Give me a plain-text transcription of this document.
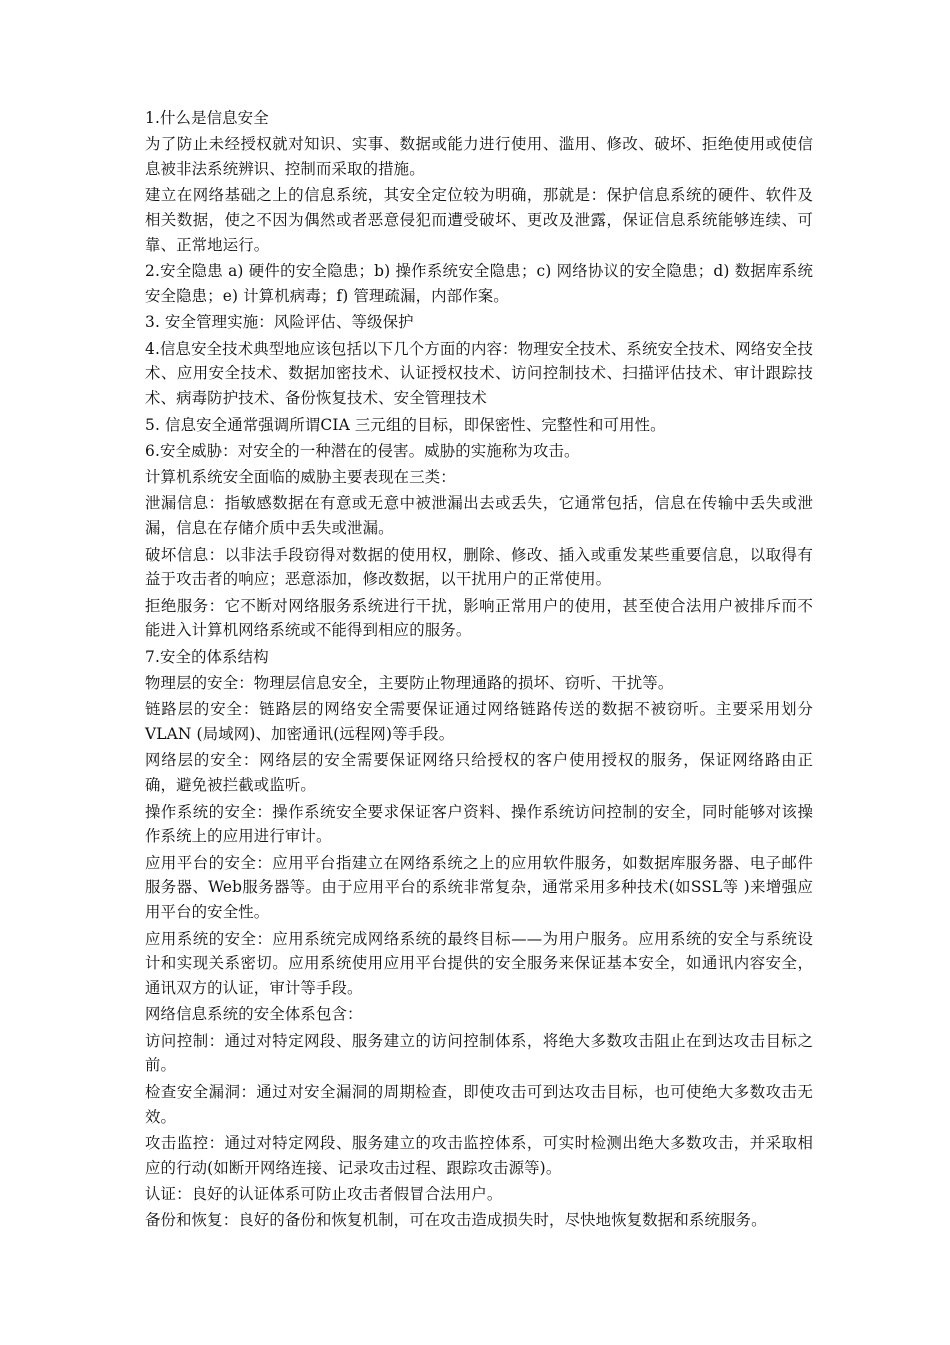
1.什么是信息安全

为了防止未经授权就对知识、实事、数据或能力进行使用、滥用、修改、破坏、拒绝使用或使信息被非法系统辨识、控制而采取的措施。

建立在网络基础之上的信息系统，其安全定位较为明确，那就是：保护信息系统的硬件、软件及相关数据，使之不因为偶然或者恶意侵犯而遭受破坏、更改及泄露，保证信息系统能够连续、可靠、正常地运行。

2.安全隐患 a) 硬件的安全隐患；b) 操作系统安全隐患；c) 网络协议的安全隐患；d) 数据库系统安全隐患；e) 计算机病毒；f) 管理疏漏，内部作案。

3. 安全管理实施：风险评估、等级保护

4.信息安全技术典型地应该包括以下几个方面的内容：物理安全技术、系统安全技术、网络安全技术、应用安全技术、数据加密技术、认证授权技术、访问控制技术、扫描评估技术、审计跟踪技术、病毒防护技术、备份恢复技术、安全管理技术

5. 信息安全通常强调所谓CIA 三元组的目标，即保密性、完整性和可用性。

6.安全威胁：对安全的一种潜在的侵害。威胁的实施称为攻击。

计算机系统安全面临的威胁主要表现在三类：

泄漏信息：指敏感数据在有意或无意中被泄漏出去或丢失，它通常包括，信息在传输中丢失或泄漏，信息在存储介质中丢失或泄漏。

破坏信息：以非法手段窃得对数据的使用权，删除、修改、插入或重发某些重要信息，以取得有益于攻击者的响应；恶意添加，修改数据，以干扰用户的正常使用。

拒绝服务：它不断对网络服务系统进行干扰，影响正常用户的使用，甚至使合法用户被排斥而不能进入计算机网络系统或不能得到相应的服务。

7.安全的体系结构

物理层的安全：物理层信息安全，主要防止物理通路的损坏、窃听、干扰等。

链路层的安全：链路层的网络安全需要保证通过网络链路传送的数据不被窃听。主要采用划分VLAN (局域网)、加密通讯(远程网)等手段。

网络层的安全：网络层的安全需要保证网络只给授权的客户使用授权的服务，保证网络路由正确，避免被拦截或监听。

操作系统的安全：操作系统安全要求保证客户资料、操作系统访问控制的安全，同时能够对该操作系统上的应用进行审计。

应用平台的安全：应用平台指建立在网络系统之上的应用软件服务，如数据库服务器、电子邮件服务器、Web服务器等。由于应用平台的系统非常复杂，通常采用多种技术(如SSL等 )来增强应用平台的安全性。

应用系统的安全：应用系统完成网络系统的最终目标——为用户服务。应用系统的安全与系统设计和实现关系密切。应用系统使用应用平台提供的安全服务来保证基本安全，如通讯内容安全，通讯双方的认证，审计等手段。

网络信息系统的安全体系包含：

访问控制：通过对特定网段、服务建立的访问控制体系，将绝大多数攻击阻止在到达攻击目标之前。

检查安全漏洞：通过对安全漏洞的周期检查，即使攻击可到达攻击目标，也可使绝大多数攻击无效。

攻击监控：通过对特定网段、服务建立的攻击监控体系，可实时检测出绝大多数攻击，并采取相应的行动(如断开网络连接、记录攻击过程、跟踪攻击源等)。

认证：良好的认证体系可防止攻击者假冒合法用户。

备份和恢复：良好的备份和恢复机制，可在攻击造成损失时，尽快地恢复数据和系统服务。
